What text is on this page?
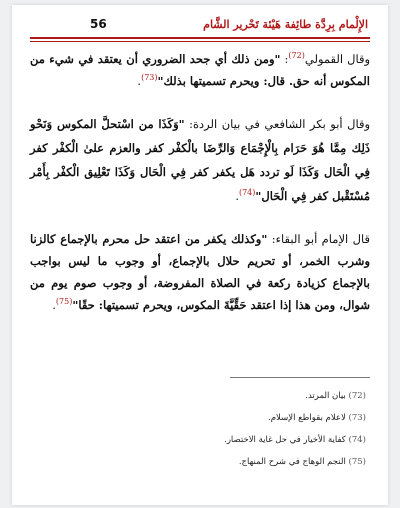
56	الإِلْمام بِرِدَّة طائِفة هَيْئة تَحْرير الشَّام

وقال القمولي$^{(72)}$: "ومن ذلك أي جحد الضروري أن يعتقد في شيء من المكوس أنه حق. قال: ويحرم تسميتها بذلك"$^{(73)}$.

وقال أبو بكر الشافعي في بيان الردة: "وَكَذَا من اسْتحلَّ المكوس وَنَحْو ذَلِك مِمَّا هُوَ حَرَام بِالْإِجْمَاع وَالرِّضَا بالْكفْر كفر والعزم علىٰ الْكفْر كفر فِي الْحَال وَكَذَا لَو تردد هَل يكفر كفر فِي الْحَال وَكَذَا تَعْلِيق الْكفْر بِأَمْر مُسْتَقْبل كفر فِي الْحَال"$^{(74)}$.

قال الإمام أبو البقاء: "وكذلك يكفر من اعتقد حل محرم بالإجماع كالزنا وشرب الخمر، أو تحريم حلال بالإجماع، أو وجوب ما ليس بواجب بالإجماع كزيادة ركعة في الصلاة المفروضة، أو وجوب صوم يوم من شوال، ومن هذا إذا اعتقد حَقِّيَّةَ المكوس، ويحرم تسميتها: حقًا"$^{(75)}$.

(72) بيان المرتد.
(73) لاعلام بقواطع الإسلام.
(74) كفاية الأخيار في حل غاية الاختصار.
(75) النجم الوهاج في شرح المنهاج.
